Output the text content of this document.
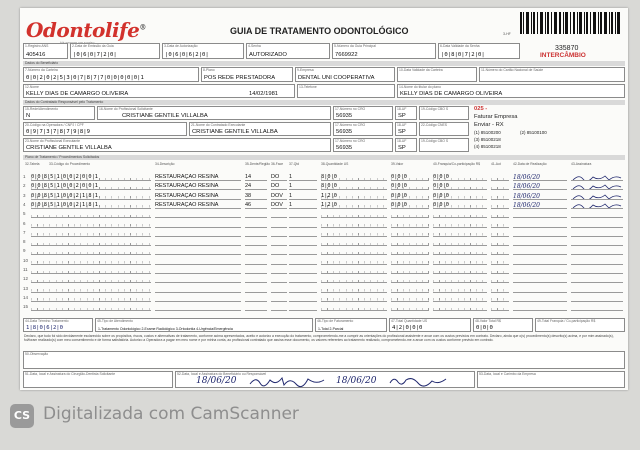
Odontolife®	GUIA DE TRATAMENTO ODONTOLÓGICO	3-HF
335870
INTERCÂMBIO
1-Registro ANS
405416
2-Data de Emissão da Guia
|0|6|0|7|2|0|
3-Data de Autorização
|0|6|0|6|2|0|
4-Senha
AUTORIZADO
5-Número da Guia Principal
7669922
6-Data Validade da Senha
|0|8|0|7|2|0|
Dados do Beneficiário
7-Número da Carteira
0|0|2|0|2|5|3|0|7|8|7|7|0|0|0|0|0|1
8-Plano
POS REDE PRESTADORA
9-Empresa
DENTAL UNI COOPERATIVA
10-Data Validade da Carteira	11-Número do Cartão Nacional de Saúde
12-Nome
KELLY DIAS DE CAMARGO OLIVEIRA	14/02/1981
13-Telefone	14-Nome do titular do plano
KELLY DIAS DE CAMARGO OLIVEIRA
Dados do Contratado Responsável pelo Tratamento
15-Rede/Atendimento
N
16-Nome do Profissional Solicitante
CRISTIANE GENTILE VILLALBA
17-Número no CRO
56935
18-UF
SP
19-Código CBO S
20-Código na Operadora / CNPJ / CPF
0|9|7|3|7|8|7|9|8|9
21-Nome do Contratado Executante
CRISTIANE GENTILE VILLALBA
17-Número no CRO
56935
18-UF
SP
22-Código CNES
23-Nome do Profissional Executante
CRISTIANE GENTILE VILLALBA
17-Número no CRO
56935
18-UF
SP
19-Código CBO S
025 -
Faturar Empresa
Enviar - RX
(1) 85100200	(2) 85100100
(3) 85100218
(4) 85100218
Plano de Tratamento / Procedimentos Solicitados
32-Tabela	33-Código do Procedimento	34-Descrição	35-Dente/Região 36-Face 37-Qtd	38-Quantidade US	39-Valor	40-Franquia/Co-participação R$	41-Aut	42-Data de Realização	43-Assinatura
1 0|0|8|5|1|0|0|2|0|0|1	RESTAURAÇÃO RESINA	14	DO	1	8|0|0	0|0|0	0|0|0	18/06/20
2 0|0|8|5|1|0|0|2|0|0|1	RESTAURAÇÃO RESINA	24	DO	1	8|0|0	0|0|0	0|0|0	18/06/20
3 0|0|8|5|1|0|0|2|1|8|1	RESTAURAÇÃO RESINA	38	DOV	1	1|2|0	0|0|0	0|0|0	18/06/20
4 0|0|8|5|1|0|0|2|1|8|1	RESTAURAÇÃO RESINA	46	DOV	1	1|2|0	0|0|0	0|0|0	18/06/20
5
6
7
8
9
10
11
12
13
14
15
44-Data Término Tratamento
1|8|0|6|2|0
45-Tipo de Atendimento
1-Tratamento Odontológico 2-Exame Radiológico 3-Ortodontia 4-Urgência/Emergência
46-Tipo de Faturamento
1-Total 2-Parcial
47-Total Quantidade US
4|2|0|0|0
48-Valor Total R$
0|0|0
49-Total Franquia / Co-participação R$
Declaro, que tudo foi sido devidamente esclarecido sobre os propósitos, riscos, custos e alternativas de tratamento, conforme acima apresentados, aceito e autorizo a execução do tratamento, comprometendo-me a cumprir as orientações do profissional assistente e arcar com os custos previstos em contrato. Declaro, ainda que o(s) procedimento(s) descrito(s) acima, e por mim assinado(s), foi/foram realizado(s) com meu consentimento e de forma satisfatória. Autorizo a Operadora a pagar em meu nome e por minha conta, ao profissional contratado que assina esse documento, os valores referentes ao tratamento realizado, comprometendo-me a arcar com os custos conforme previsto em contrato.
50-Observação
51-Data, local e Assinatura do Cirurgião-Dentista Solicitante	52-Data, local e Assinatura do Beneficiário ou Responsável
18/06/20	18/06/20
53-Data, local e Carimbo da Empresa
CS Digitalizada com CamScanner
